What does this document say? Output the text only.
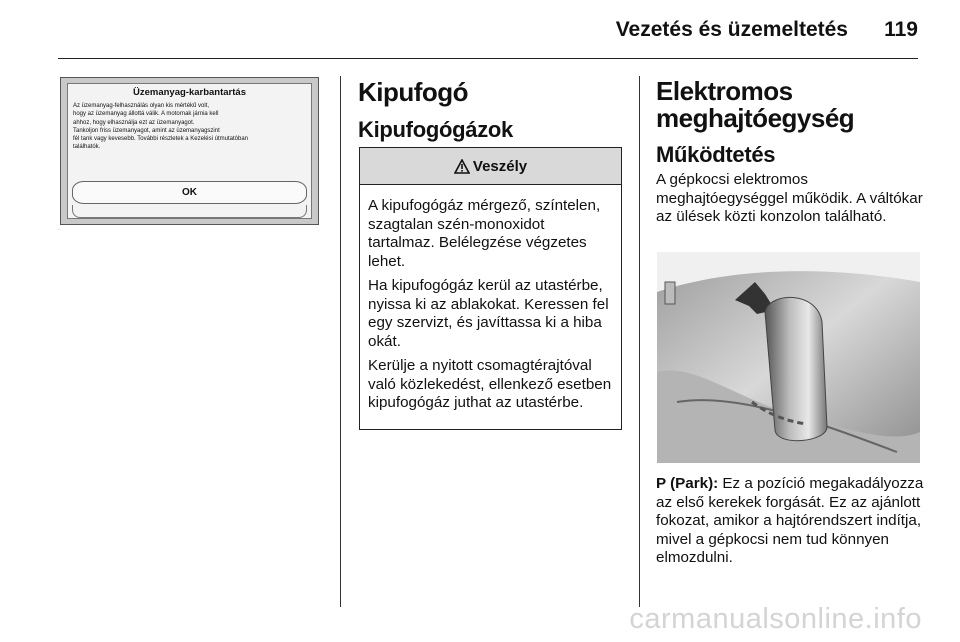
Vezetés és üzemeltetés 119
Üzemanyag-karbantartás
Az üzemanyag-felhasználás olyan kis mértékű volt,
hogy az üzemanyag állottá válik. A motornak járnia kell
ahhoz, hogy elhasználja ezt az üzemanyagot.
Tankoljon friss üzemanyagot, amint az üzemanyagszint
fél tank vagy kevesebb. További részletek a Kezelési útmutatóban
találhatók.
OK
·
Kipufogó
Kipufogógázok
Veszély

A kipufogógáz mérgező, színtelen, szagtalan szén-monoxidot tartalmaz. Belélegzése végzetes lehet.

Ha kipufogógáz kerül az utastérbe, nyissa ki az ablakokat. Keressen fel egy szervizt, és javíttassa ki a hiba okát.

Kerülje a nyitott csomagtérajtóval való közlekedést, ellenkező esetben kipufogógáz juthat az utastérbe.

Elektromos meghajtóegység
Működtetés
A gépkocsi elektromos meghajtóegységgel működik. A váltókar az ülések közti konzolon található.
P (Park): Ez a pozíció megakadályozza az első kerekek forgását. Ez az ajánlott fokozat, amikor a hajtórendszert indítja, mivel a gépkocsi nem tud könnyen elmozdulni.
carmanualsonline.info
